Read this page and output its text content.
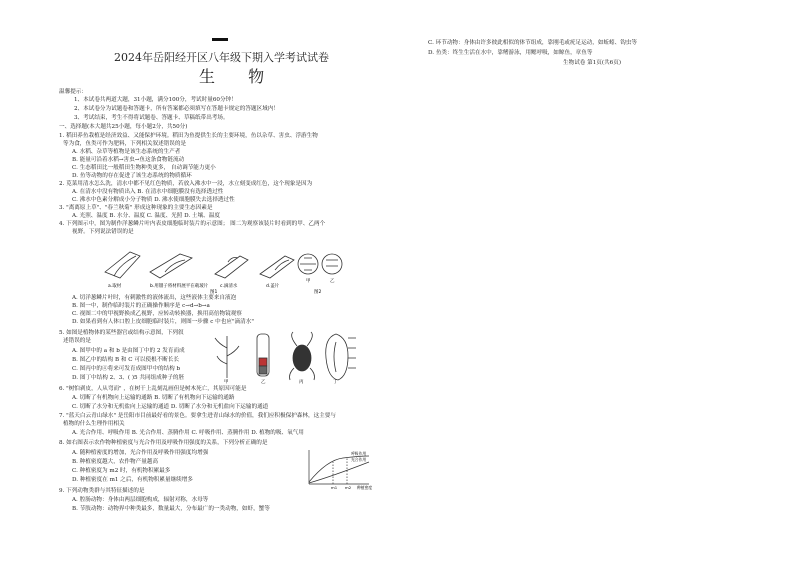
2024年岳阳经开区八年级下期入学考试试卷
生 物
温馨提示：
1、本试卷共两道大题，31小题，满分100分，考试时量60分钟！
2、本试卷分为试题卷和答题卡，所有答案都必须填写在答题卡规定的答题区域内！
3、考试结束，考生不得将试题卷、答题卡、草稿纸带出考场。
一、选择题(本大题共25小题，每小题2分，共50分)
1. 稻田养鱼栽植是经济效益、又能保护环境。稻田为鱼提供生长的主要环境，鱼以杂草、害虫、浮游生物
等为食，鱼类可作为肥料，下列相关叙述错误的是
A. 水稻、杂草等植物是该生态系统的生产者
B. 能量可沿着水稻→害虫→鱼这条食物链流动
C. 生态稻田比一般稻田生物种类更多， 自动调节能力更小
D. 鱼等动物的存在促进了该生态系统的物质循环
2. 苋菜用清水怎么洗，清水中都不见红色物质，若放入沸水中一浸，水立刻变成红色，这个现象是因为
A. 在清水中没有物质出入 B. 在清水中细胞膜没有选择透过性
C. 沸水中色素分解成小分子物质 D. 沸水使细胞膜失去选择透过性
3. "离离原上草"、"春兰秋菊" 形成这种现象的主要生态因素是
A. 光照、温度 B. 水分、温度 C. 温度、光照 D. 土壤、温度
4. 下列图示中，图为制作洋葱鳞片叶内表皮细胞临时装片的示意图； 图二为观察该装片时看到的甲、乙两个
视野。下列说法错误的是
a.取材	b.用镊子将材料展平在载玻片	c.滴清水	d.盖片
甲	乙
图1	图2
A. 切洋葱鳞片叶时，有刺激性的液体流出，这些液体主要来自液泡
B. 图一中，制作临时装片的正确操作顺序是 c→d→b→a
C. 视图二中的甲视野换成乙视野，应转动转换器，换用高倍物镜观察
D. 如果看到有人体口腔上皮细胞临时装片，则图一步骤 c 中也应"滴清水"
5. 如图是植物体的某些器官或结构示意图，下列叙
述错误的是
A. 图甲中的 a 和 b 是由图丁中的 2 发育而成
B. 图乙中的结构 B 和 C 可以使根不断长长
C. 图丙中的④将来可发育成图甲中的结构 b
D. 图丁中结构 2、3、( )5 共同组成种子的胚
甲	乙	丙	丁
6. "树怕剥皮，人从弯而" ，在树干上乱刻乱画但是树木死亡，其原因可能是
A. 切断了有机物向上运输的通路 B. 切断了有机物向下运输的通路
C. 切断了水分和无机盐向上运输的通道 D. 切断了水分和无机盐向下运输的通道
7. "蓝天白云青山绿水" 是岳阳市目前最好看的景色。要拿生进青山绿水的价值，我们应积极保护森林，这主要与
植物的什么生理作用相关
A. 光合作用、呼吸作用 B. 光合作用、蒸腾作用 C. 呼吸作用、蒸腾作用 D. 植物的吸、氧气用
8. 如右图表示农作物种植密度与光合作用及呼吸作用强度的关系，下列分析正确的是
A. 随种植密度的增加，光合作用及呼吸作用强度均增强
B. 种植密度越大，农作物产量越高
C. 种植密度为 m2 时，有机物积累最多
D. 种植密度在 m1 之后，有机物积累量继续增多
9. 下列动物类群与其特征描述的是
A. 腔肠动物：身体由两层细胞构成，辐射对称，水母等
B. 节肢动物：动物界中种类最多，数量最大，分布最广的一类动物，如虾，蟹等
呼吸作用
光合作用
m1 m2 种植密度
C. 环节动物：身体由许多彼此相似的体节组成，靠刚毛或疣足运动，如蚯蚓、钩虫等
D. 鱼类：终生生活在水中，靠鳍游泳，用鳃呼吸，如鲸鱼，章鱼等
生物试卷 第1页(共6页)
